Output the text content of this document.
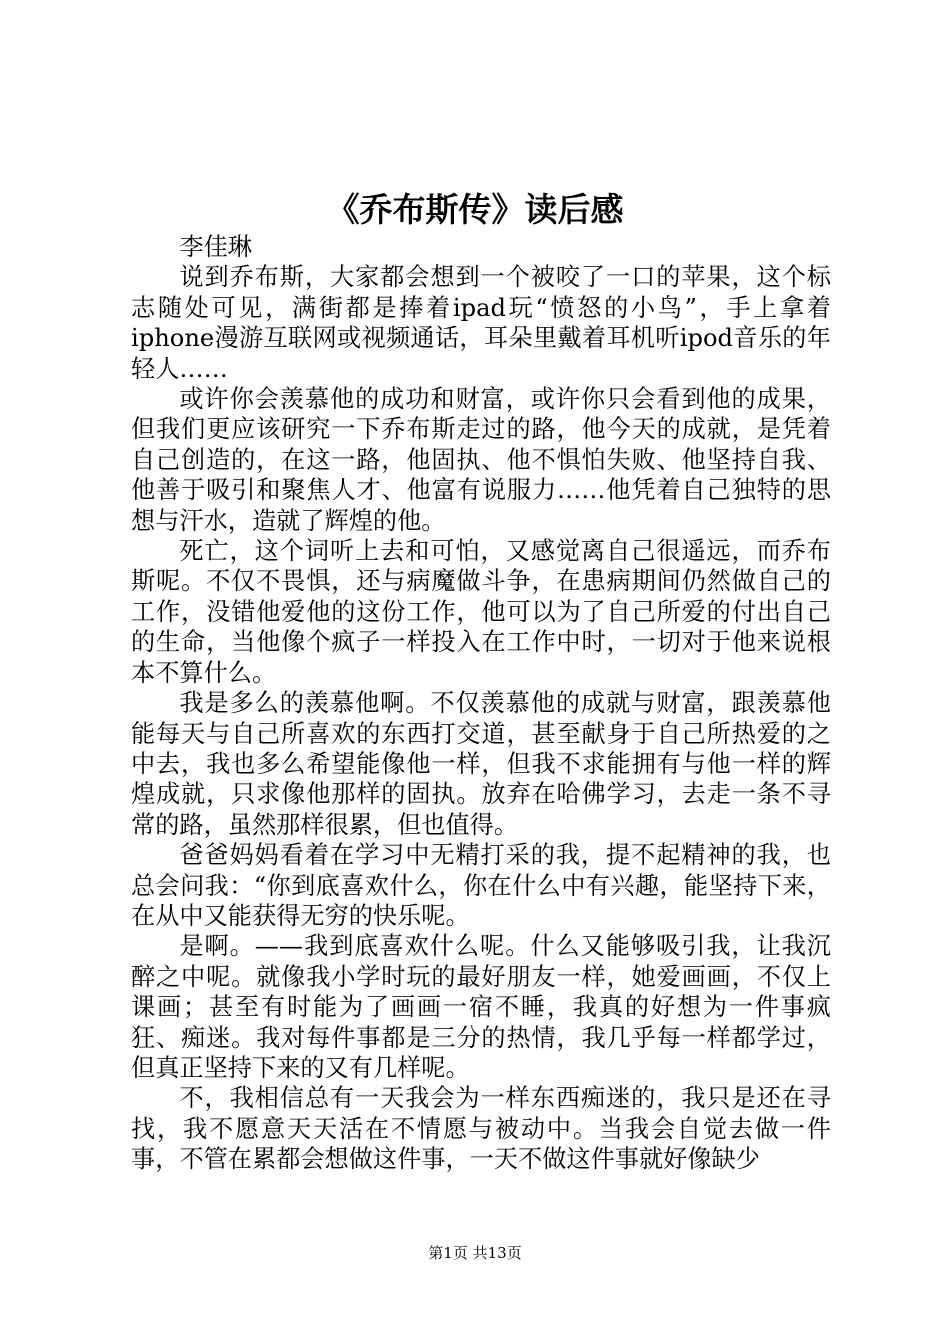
《乔布斯传》读后感

李佳琳

说到乔布斯，大家都会想到一个被咬了一口的苹果，这个标志随处可见，满街都是捧着ipad玩“愤怒的小鸟”，手上拿着iphone漫游互联网或视频通话，耳朵里戴着耳机听ipod音乐的年轻人……

或许你会羡慕他的成功和财富，或许你只会看到他的成果，但我们更应该研究一下乔布斯走过的路，他今天的成就，是凭着自己创造的，在这一路，他固执、他不惧怕失败、他坚持自我、他善于吸引和聚焦人才、他富有说服力……他凭着自己独特的思想与汗水，造就了辉煌的他。

死亡，这个词听上去和可怕，又感觉离自己很遥远，而乔布斯呢。不仅不畏惧，还与病魔做斗争，在患病期间仍然做自己的工作，没错他爱他的这份工作，他可以为了自己所爱的付出自己的生命，当他像个疯子一样投入在工作中时，一切对于他来说根本不算什么。

我是多么的羡慕他啊。不仅羡慕他的成就与财富，跟羡慕他能每天与自己所喜欢的东西打交道，甚至献身于自己所热爱的之中去，我也多么希望能像他一样，但我不求能拥有与他一样的辉煌成就，只求像他那样的固执。放弃在哈佛学习，去走一条不寻常的路，虽然那样很累，但也值得。

爸爸妈妈看着在学习中无精打采的我，提不起精神的我，也总会问我：“你到底喜欢什么，你在什么中有兴趣，能坚持下来，在从中又能获得无穷的快乐呢。

是啊。——我到底喜欢什么呢。什么又能够吸引我，让我沉醉之中呢。就像我小学时玩的最好朋友一样，她爱画画，不仅上课画；甚至有时能为了画画一宿不睡，我真的好想为一件事疯狂、痴迷。我对每件事都是三分的热情，我几乎每一样都学过，但真正坚持下来的又有几样呢。

不，我相信总有一天我会为一样东西痴迷的，我只是还在寻找，我不愿意天天活在不情愿与被动中。当我会自觉去做一件事，不管在累都会想做这件事，一天不做这件事就好像缺少

第1页 共13页
